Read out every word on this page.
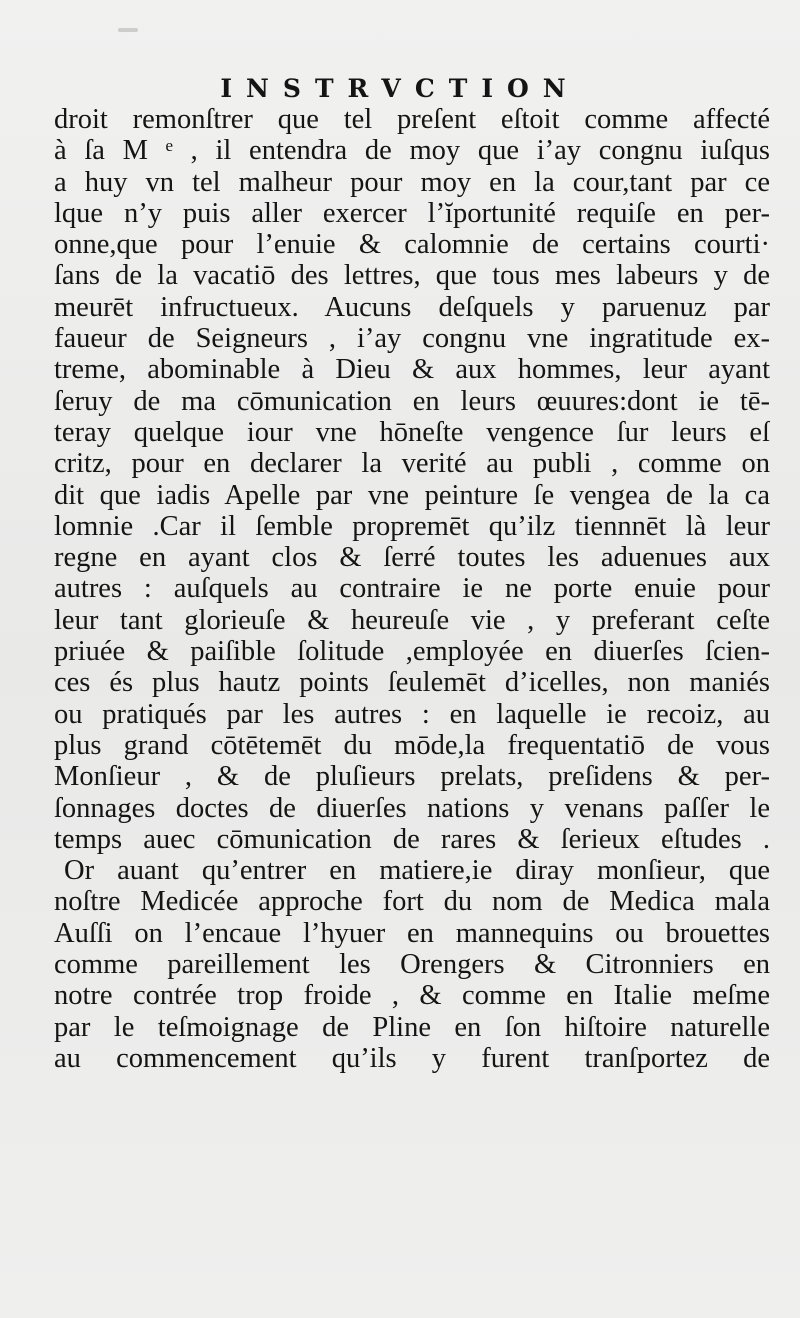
INSTRVCTION
droit remonſtrer que tel preſent eſtoit comme affecté
à ſa M ᵉ , il entendra de moy que i’ay congnu iuſqus
a huy vn tel malheur pour moy en la cour,tant par ce
lque n’y puis aller exercer l’ĭportunité requiſe en per-
onne,que pour l’enuie & calomnie de certains courti·
ſans de la vacatiō des lettres, que tous mes labeurs y de
meurēt infructueux. Aucuns deſquels y paruenuz par
faueur de Seigneurs , i’ay congnu vne ingratitude ex-
treme, abominable à Dieu & aux hommes, leur ayant
ſeruy de ma cōmunication en leurs œuures:dont ie tē-
teray quelque iour vne hōneſte vengence ſur leurs eſ
critz, pour en declarer la verité au publi , comme on
dit que iadis Apelle par vne peinture ſe vengea de la ca
lomnie .Car il ſemble propremēt qu’ilz tiennnēt là leur
regne en ayant clos & ſerré toutes les aduenues aux
autres : auſquels au contraire ie ne porte enuie pour
leur tant glorieuſe & heureuſe vie , y preferant ceſte
priuée & paiſible ſolitude ,employée en diuerſes ſcien-
ces és plus hautz points ſeulemēt d’icelles, non maniés
ou pratiqués par les autres : en laquelle ie recoiz, au
plus grand cōtētemēt du mōde,la frequentatiō de vous
Monſieur , & de pluſieurs prelats, preſidens & per-
ſonnages doctes de diuerſes nations y venans paſſer le
temps auec cōmunication de rares & ſerieux eſtudes .
Or auant qu’entrer en matiere,ie diray monſieur, que
noſtre Medicée approche fort du nom de Medica mala
Auſſi on l’encaue l’hyuer en mannequins ou brouettes
comme pareillement les Orengers & Citronniers en
notre contrée trop froide , & comme en Italie meſme
par le teſmoignage de Pline en ſon hiſtoire naturelle
au commencement qu’ils y furent tranſportez de
